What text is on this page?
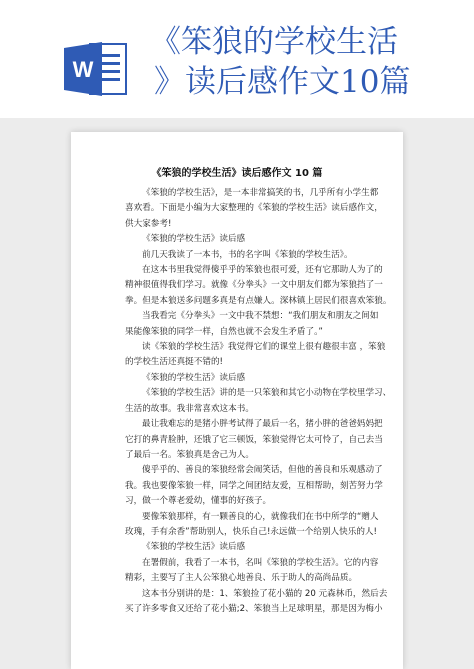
W
《笨狼的学校生活
》读后感作文10篇
《笨狼的学校生活》读后感作文 10 篇

《笨狼的学校生活》，是一本非常搞笑的书，几乎所有小学生都

喜欢看。下面是小编为大家整理的《笨狼的学校生活》读后感作文，

供大家参考!

《笨狼的学校生活》读后感

前几天我读了一本书，书的名字叫《笨狼的学校生活》。

在这本书里我觉得傻乎乎的笨狼也很可爱，还有它那助人为了的

精神很值得我们学习。就像《分拳头》一文中朋友们都为笨狼挡了一

拳。但是本狼送多问题多真是有点嫌人。深林镇上居民们很喜欢笨狼。

当我看完《分拳头》一文中我不禁想：“我们朋友和朋友之间如

果能像笨狼的同学一样，自然也就不会发生矛盾了。”

读《笨狼的学校生活》我觉得它们的课堂上很有趣很丰富 ，笨狼

的学校生活还真挺不错的!

《笨狼的学校生活》读后感

《笨狼的学校生活》讲的是一只笨狼和其它小动物在学校里学习、

生活的故事。我非常喜欢这本书。

最让我难忘的是猪小胖考试得了最后一名，猪小胖的爸爸妈妈把

它打的鼻青脸肿，还饿了它三顿饭，笨狼觉得它太可怜了，自己去当

了最后一名。笨狼真是舍己为人。

傻乎乎的、善良的笨狼经常会闹笑话，但他的善良和乐观感动了

我。我也要像笨狼一样，同学之间团结友爱，互相帮助，刻苦努力学

习，做一个尊老爱幼，懂事的好孩子。

要像笨狼那样，有一颗善良的心，就像我们在书中所学的“赠人

玫瑰，手有余香”帮助别人，快乐自己!永远做一个给别人快乐的人!

《笨狼的学校生活》读后感

在署假前，我看了一本书，名叫《笨狼的学校生活》。它的内容

精彩，主要写了主人公笨狼心地善良、乐于助人的高尚品质。

这本书分别讲的是：1、笨狼捡了花小猫的 20 元森林币，然后去

买了许多零食又还给了花小猫;2、笨狼当上足球明星，那是因为梅小
